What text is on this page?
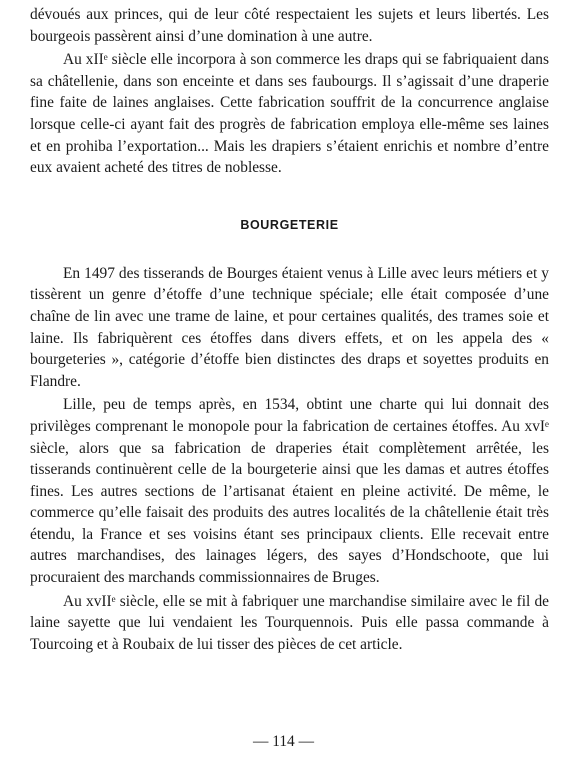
dévoués aux princes, qui de leur côté respectaient les sujets et leurs libertés. Les bourgeois passèrent ainsi d’une domination à une autre.

Au xIIᵉ siècle elle incorpora à son commerce les draps qui se fabriquaient dans sa châtellenie, dans son enceinte et dans ses faubourgs. Il s’agissait d’une draperie fine faite de laines anglaises. Cette fabrication souffrit de la concurrence anglaise lorsque celle-ci ayant fait des progrès de fabrication employa elle-même ses laines et en prohiba l’exportation... Mais les drapiers s’étaient enrichis et nombre d’entre eux avaient acheté des titres de noblesse.

BOURGETERIE

En 1497 des tisserands de Bourges étaient venus à Lille avec leurs métiers et y tissèrent un genre d’étoffe d’une technique spéciale; elle était composée d’une chaîne de lin avec une trame de laine, et pour certaines qualités, des trames soie et laine. Ils fabriquèrent ces étoffes dans divers effets, et on les appela des « bourgeteries », catégorie d’étoffe bien distinctes des draps et soyettes produits en Flandre.

Lille, peu de temps après, en 1534, obtint une charte qui lui donnait des privilèges comprenant le monopole pour la fabrication de certaines étoffes. Au xvIᵉ siècle, alors que sa fabrication de draperies était complètement arrêtée, les tisserands continuèrent celle de la bourgeterie ainsi que les damas et autres étoffes fines. Les autres sections de l’artisanat étaient en pleine activité. De même, le commerce qu’elle faisait des produits des autres localités de la châtellenie était très étendu, la France et ses voisins étant ses principaux clients. Elle recevait entre autres marchandises, des lainages légers, des sayes d’Hondschoote, que lui procuraient des marchands commissionnaires de Bruges.

Au xvIIᵉ siècle, elle se mit à fabriquer une marchandise similaire avec le fil de laine sayette que lui vendaient les Tourquennois. Puis elle passa commande à Tourcoing et à Roubaix de lui tisser des pièces de cet article.

— 114 —
